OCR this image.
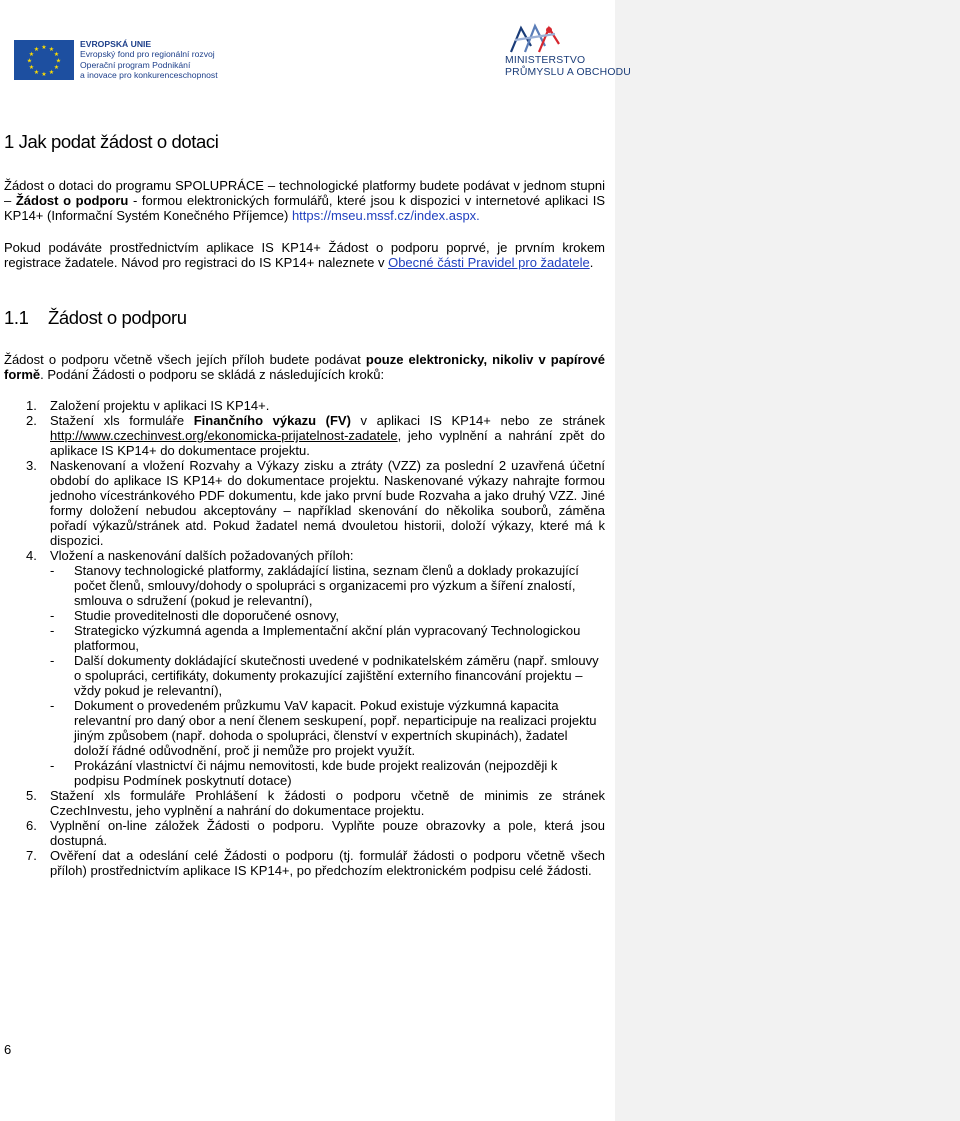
★ ★
★
★
★
★
★
★
★
★
★
★
EVROPSKÁ UNIE
Evropský fond pro regionální rozvoj
Operační program Podnikání
a inovace pro konkurenceschopnost
MINISTERSTVO
PRŮMYSLU A OBCHODU
1 Jak podat žádost o dotaci
Žádost o dotaci do programu SPOLUPRÁCE – technologické platformy budete podávat v jednom stupni – Žádost o podporu - formou elektronických formulářů, které jsou k dispozici v internetové aplikaci IS KP14+ (Informační Systém Konečného Příjemce) https://mseu.mssf.cz/index.aspx.
Pokud podáváte prostřednictvím aplikace IS KP14+ Žádost o podporu poprvé, je prvním krokem registrace žadatele. Návod pro registraci do IS KP14+ naleznete v Obecné části Pravidel pro žadatele.
1.1 Žádost o podporu
Žádost o podporu včetně všech jejích příloh budete podávat pouze elektronicky, nikoliv v papírové formě. Podání Žádosti o podporu se skládá z následujících kroků:
1. Založení projektu v aplikaci IS KP14+.
2. Stažení xls formuláře Finančního výkazu (FV) v aplikaci IS KP14+ nebo ze stránek http://www.czechinvest.org/ekonomicka-prijatelnost-zadatele, jeho vyplnění a nahrání zpět do aplikace IS KP14+ do dokumentace projektu.
3. Naskenovaní a vložení Rozvahy a Výkazy zisku a ztráty (VZZ) za poslední 2 uzavřená účetní období do aplikace IS KP14+ do dokumentace projektu. Naskenované výkazy nahrajte formou jednoho vícestránkového PDF dokumentu, kde jako první bude Rozvaha a jako druhý VZZ. Jiné formy doložení nebudou akceptovány – například skenování do několika souborů, záměna pořadí výkazů/stránek atd. Pokud žadatel nemá dvouletou historii, doloží výkazy, které má k dispozici.
4. Vložení a naskenování dalších požadovaných příloh:
- Stanovy technologické platformy, zakládající listina, seznam členů a doklady prokazující počet členů, smlouvy/dohody o spolupráci s organizacemi pro výzkum a šíření znalostí, smlouva o sdružení (pokud je relevantní),
- Studie proveditelnosti dle doporučené osnovy,
- Strategicko výzkumná agenda a Implementační akční plán vypracovaný Technologickou platformou,
- Další dokumenty dokládající skutečnosti uvedené v podnikatelském záměru (např. smlouvy o spolupráci, certifikáty, dokumenty prokazující zajištění externího financování projektu – vždy pokud je relevantní),
- Dokument o provedeném průzkumu VaV kapacit. Pokud existuje výzkumná kapacita relevantní pro daný obor a není členem seskupení, popř. neparticipuje na realizaci projektu jiným způsobem (např. dohoda o spolupráci, členství v expertních skupinách), žadatel doloží řádné odůvodnění, proč ji nemůže pro projekt využít.
- Prokázání vlastnictví či nájmu nemovitosti, kde bude projekt realizován (nejpozději k podpisu Podmínek poskytnutí dotace)
5. Stažení xls formuláře Prohlášení k žádosti o podporu včetně de minimis ze stránek CzechInvestu, jeho vyplnění a nahrání do dokumentace projektu.
6. Vyplnění on-line záložek Žádosti o podporu. Vyplňte pouze obrazovky a pole, která jsou dostupná.
7. Ověření dat a odeslání celé Žádosti o podporu (tj. formulář žádosti o podporu včetně všech příloh) prostřednictvím aplikace IS KP14+, po předchozím elektronickém podpisu celé žádosti.
6
